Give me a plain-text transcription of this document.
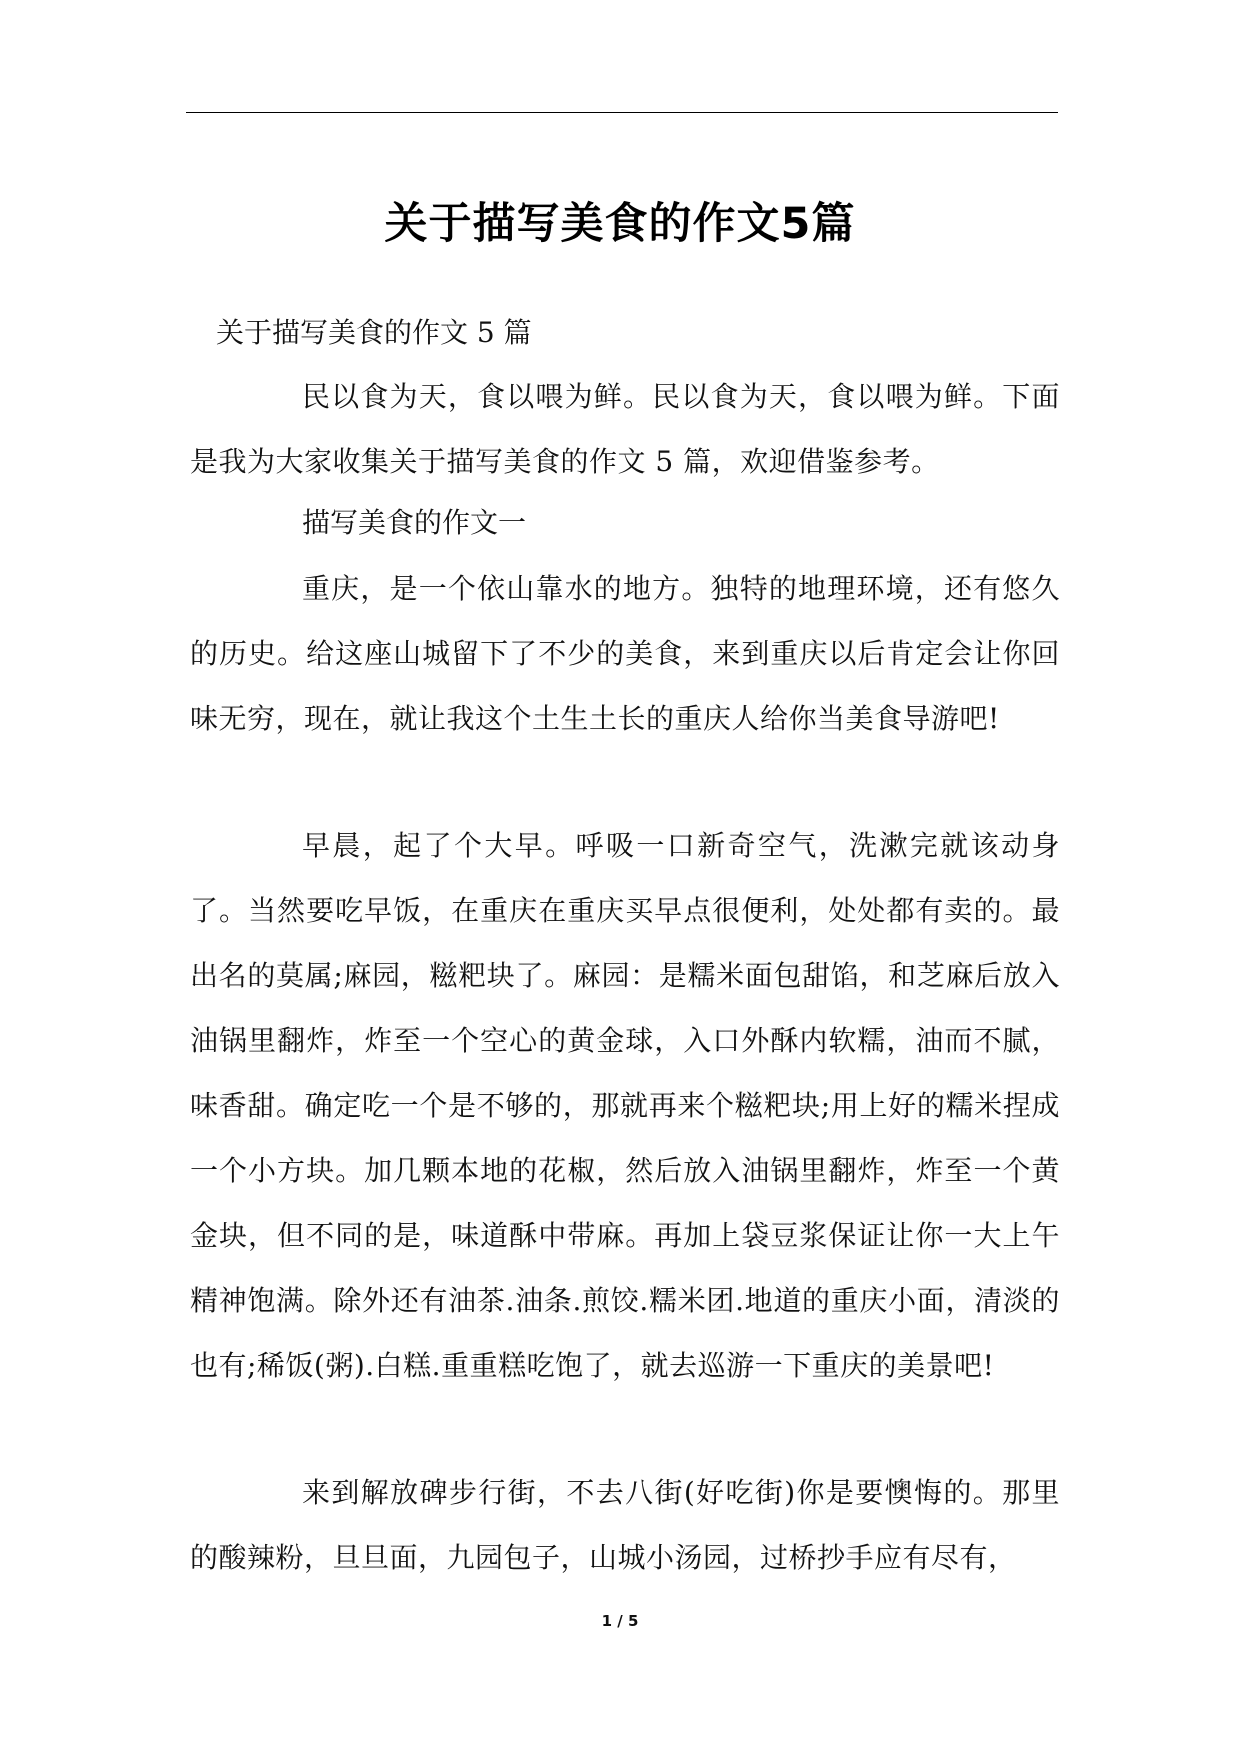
关于描写美食的作文5篇
关于描写美食的作文 5 篇
民以食为天，食以喂为鲜。民以食为天，食以喂为鲜。下面是我为大家收集关于描写美食的作文 5 篇，欢迎借鉴参考。
描写美食的作文一
重庆，是一个依山靠水的地方。独特的地理环境，还有悠久的历史。给这座山城留下了不少的美食，来到重庆以后肯定会让你回味无穷，现在，就让我这个土生土长的重庆人给你当美食导游吧!
早晨，起了个大早。呼吸一口新奇空气，洗漱完就该动身了。当然要吃早饭，在重庆在重庆买早点很便利，处处都有卖的。最出名的莫属;麻园，糍粑块了。麻园：是糯米面包甜馅，和芝麻后放入油锅里翻炸，炸至一个空心的黄金球，入口外酥内软糯，油而不腻，味香甜。确定吃一个是不够的，那就再来个糍粑块;用上好的糯米捏成一个小方块。加几颗本地的花椒，然后放入油锅里翻炸，炸至一个黄金块，但不同的是，味道酥中带麻。再加上袋豆浆保证让你一大上午精神饱满。除外还有油茶.油条.煎饺.糯米团.地道的重庆小面，清淡的也有;稀饭(粥).白糕.重重糕吃饱了，就去巡游一下重庆的美景吧!
来到解放碑步行街，不去八街(好吃街)你是要懊悔的。那里的酸辣粉，旦旦面，九园包子，山城小汤园，过桥抄手应有尽有，
1 / 5
